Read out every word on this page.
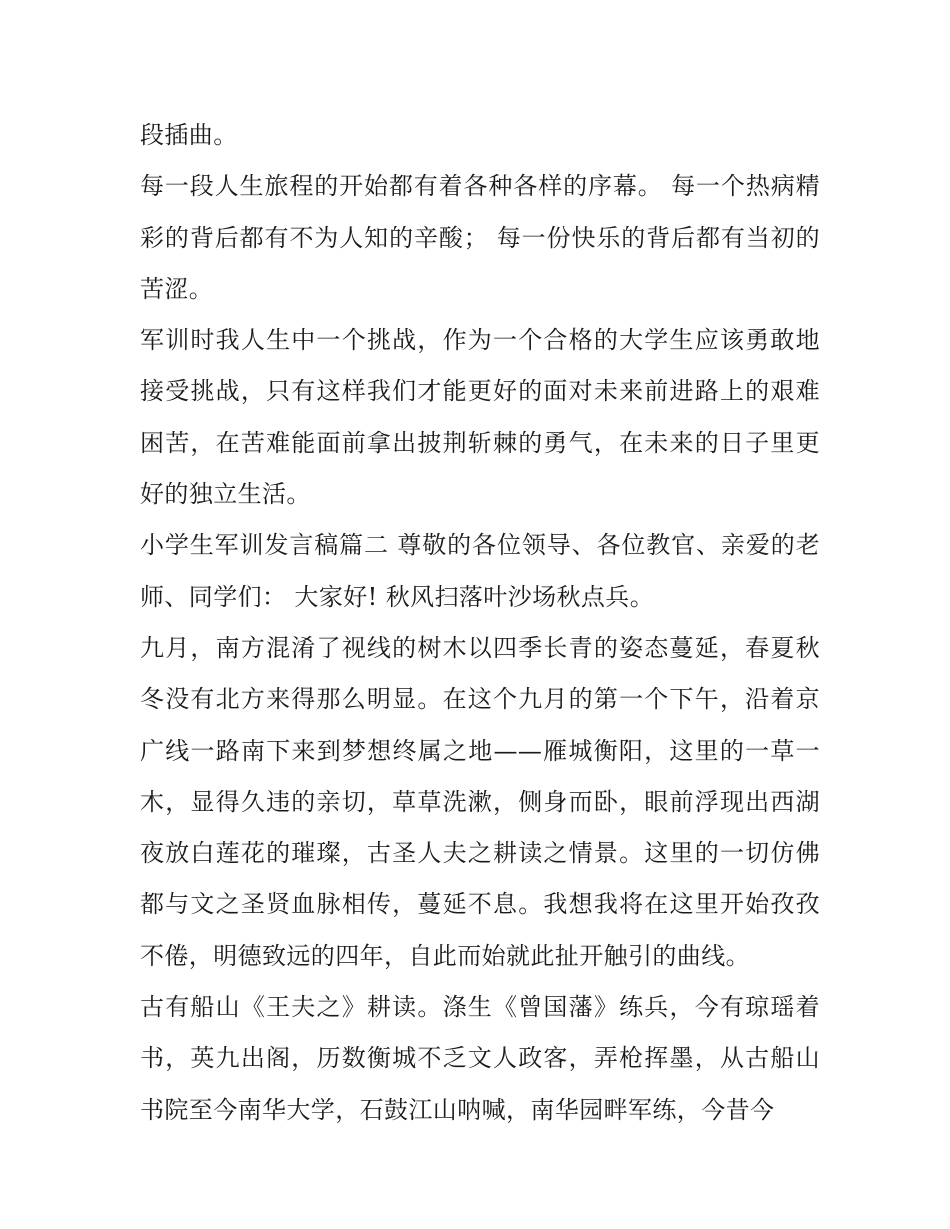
段插曲。

每一段人生旅程的开始都有着各种各样的序幕。 每一个热病精彩的背后都有不为人知的辛酸； 每一份快乐的背后都有当初的苦涩。

军训时我人生中一个挑战，作为一个合格的大学生应该勇敢地接受挑战，只有这样我们才能更好的面对未来前进路上的艰难困苦，在苦难能面前拿出披荆斩棘的勇气，在未来的日子里更好的独立生活。

小学生军训发言稿篇二 尊敬的各位领导、各位教官、亲爱的老师、同学们： 大家好! 秋风扫落叶沙场秋点兵。

九月，南方混淆了视线的树木以四季长青的姿态蔓延，春夏秋冬没有北方来得那么明显。在这个九月的第一个下午，沿着京广线一路南下来到梦想终属之地——雁城衡阳，这里的一草一木，显得久违的亲切，草草洗漱，侧身而卧，眼前浮现出西湖夜放白莲花的璀璨，古圣人夫之耕读之情景。这里的一切仿佛都与文之圣贤血脉相传，蔓延不息。我想我将在这里开始孜孜不倦，明德致远的四年，自此而始就此扯开触引的曲线。

古有船山《王夫之》耕读。涤生《曾国藩》练兵，今有琼瑶着书，英九出阁，历数衡城不乏文人政客，弄枪挥墨，从古船山书院至今南华大学，石鼓江山呐喊，南华园畔军练，今昔今
